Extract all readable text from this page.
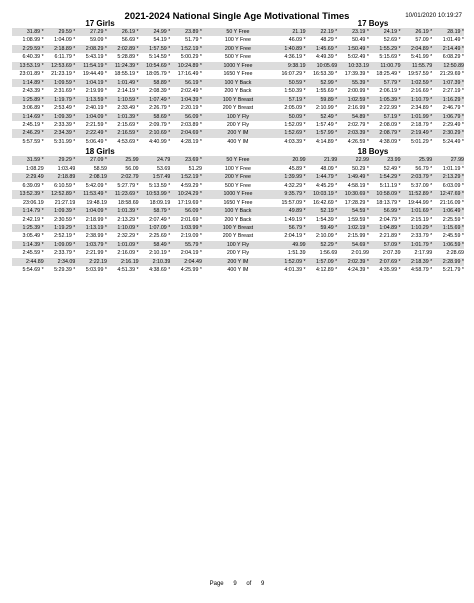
2021-2024 National Single Age Motivational Times	10/01/2020 10:19:27
17 Girls	17 Boys
31.89 *	29.59 *	27.29 *	26.19 *	24.99 *	23.89 *	50 Y Free	21.19	22.19 *	23.19 *	24.19 *	26.19 *	28.19 *
1:08.99 *	1:04.09 *	59.09 *	56.69 *	54.19 *	51.79 *	100 Y Free	46.09 *	48.29 *	50.49 *	52.69 *	57.09 *	1:01.49 *
2:29.59 *	2:18.89 *	2:08.29 *	2:02.89 *	1:57.59 *	1:52.19 *	200 Y Free	1:40.89 *	1:45.69 *	1:50.49 *	1:55.29 *	2:04.89 *	2:14.49 *
6:40.39 *	6:11.79 *	5:43.19 *	5:28.89 *	5:14.59 *	5:00.29 *	500 Y Free	4:36.19 *	4:49.39 *	5:02.49 *	5:15.69 *	5:41.99 *	6:08.29 *
13:53.19 *	12:53.69 *	11:54.19 *	11:24.39 *	10:54.69 *	10:24.89 *	1000 Y Free	9:38.19	10:05.69	10:33.19	11:00.79	11:55.79	12:50.89
23:01.89 *	21:23.19 *	19:44.49 *	18:55.19 *	18:05.79 *	17:16.49 *	1650 Y Free	16:07.29 *	16:53.39 *	17:39.39 *	18:25.49 *	19:57.59 *	21:29.69 *
1:14.89 *	1:09.59 *	1:04.19 *	1:01.49 *	58.89 *	56.19 *	100 Y Back	50.59 *	52.99 *	55.39 *	57.79 *	1:02.59 *	1:07.39 *
2:43.39 *	2:31.69 *	2:19.99 *	2:14.19 *	2:08.39 *	2:02.49 *	200 Y Back	1:50.39 *	1:55.69 *	2:00.99 *	2:06.19 *	2:16.69 *	2:27.19 *
1:25.89 *	1:19.79 *	1:13.59 *	1:10.59 *	1:07.49 *	1:04.39 *	100 Y Breast	57.19 *	59.89 *	1:02.59 *	1:05.39 *	1:10.79 *	1:16.29 *
3:06.89 *	2:53.49 *	2:40.19 *	2:33.49 *	2:26.79 *	2:20.19 *	200 Y Breast	2:05.09 *	2:10.99 *	2:16.99 *	2:22.99 *	2:34.89 *	2:46.79 *
1:14.69 *	1:09.39 *	1:04.09 *	1:01.39 *	58.69 *	56.09 *	100 Y Fly	50.09 *	52.49 *	54.89 *	57.19 *	1:01.99 *	1:06.79 *
2:45.19 *	2:33.39 *	2:21.59 *	2:15.69 *	2:09.79 *	2:03.89 *	200 Y Fly	1:52.09 *	1:57.49 *	2:02.79 *	2:08.09 *	2:18.79 *	2:29.49 *
2:46.29 *	2:34.39 *	2:22.49 *	2:16.59 *	2:10.69 *	2:04.69 *	200 Y IM	1:52.69 *	1:57.99 *	2:03.39 *	2:08.79 *	2:19.49 *	2:30.29 *
5:57.59 *	5:31.99 *	5:06.49 *	4:53.69 *	4:40.99 *	4:28.19 *	400 Y IM	4:03.39 *	4:14.89 *	4:26.59 *	4:38.09 *	5:01.29 *	5:24.49 *
18 Girls	18 Boys
31.59 *	29.29 *	27.09 *	25.99	24.79	23.69 *	50 Y Free	20.99	21.99	22.99	23.99	25.99	27.99
1:08.29	1:03.49	58.59	56.09	53.69	51.29	100 Y Free	45.89 *	48.09 *	50.29 *	52.49 *	56.79 *	1:01.19 *
2:29.49	2:18.89	2:08.19	2:02.79	1:57.49	1:52.19 *	200 Y Free	1:39.99 *	1:44.79 *	1:49.49 *	1:54.29 *	2:03.79 *	2:13.29 *
6:39.09 *	6:10.59 *	5:42.09 *	5:27.79 *	5:13.59 *	4:59.29 *	500 Y Free	4:32.29 *	4:45.29 *	4:58.19 *	5:11.19 *	5:37.09 *	6:03.09 *
13:52.39 *	12:52.89 *	11:53.49 *	11:23.69 *	10:53.99 *	10:24.29 *	1000 Y Free	9:35.79 *	10:03.19 *	10:30.69 *	10:58.09 *	11:52.89 *	12:47.69 *
23:06.19	21:27.19	19:48.19	18:58.69	18:09.19	17:19.69 *	1650 Y Free	15:57.09 *	16:42.69 *	17:28.29 *	18:13.79 *	19:44.99 *	21:16.09 *
1:14.79 *	1:09.39 *	1:04.09 *	1:01.39 *	58.79 *	56.09 *	100 Y Back	49.89 *	52.19 *	54.59 *	56.99 *	1:01.69 *	1:06.49 *
2:42.19 *	2:30.59 *	2:18.99 *	2:13.29 *	2:07.49 *	2:01.69 *	200 Y Back	1:49.19 *	1:54.39 *	1:59.59 *	2:04.79 *	2:15.19 *	2:25.59 *
1:25.39 *	1:19.29 *	1:13.19 *	1:10.09 *	1:07.09 *	1:03.99 *	100 Y Breast	56.79 *	59.49 *	1:02.19 *	1:04.89 *	1:10.29 *	1:15.69 *
3:05.49 *	2:52.19 *	2:38.99 *	2:32.29 *	2:25.69 *	2:19.09 *	200 Y Breast	2:04.19 *	2:10.09 *	2:15.99 *	2:21.89 *	2:33.79 *	2:45.59 *
1:14.39 *	1:09.09 *	1:03.79 *	1:01.09 *	58.49 *	55.79 *	100 Y Fly	49.99	52.29 *	54.69 *	57.09 *	1:01.79 *	1:06.59 *
2:45.59 *	2:33.79 *	2:21.99 *	2:16.09 *	2:10.19 *	2:04.19 *	200 Y Fly	1:51.39	1:56.69	2:01.99	2:07.39	2:17.99	2:28.69
2:44.89	2:34.09	2:22.19	2:16.19	2:10.39	2:04.49	200 Y IM	1:52.09 *	1:57.09 *	2:02.39 *	2:07.69 *	2:18.39 *	2:28.99 *
5:54.69 *	5:29.39 *	5:03.99 *	4:51.39 *	4:38.69 *	4:25.99 *	400 Y IM	4:01.39 *	4:12.89 *	4:24.39 *	4:35.99 *	4:58.79 *	5:21.79 *
Page 9 of 9
